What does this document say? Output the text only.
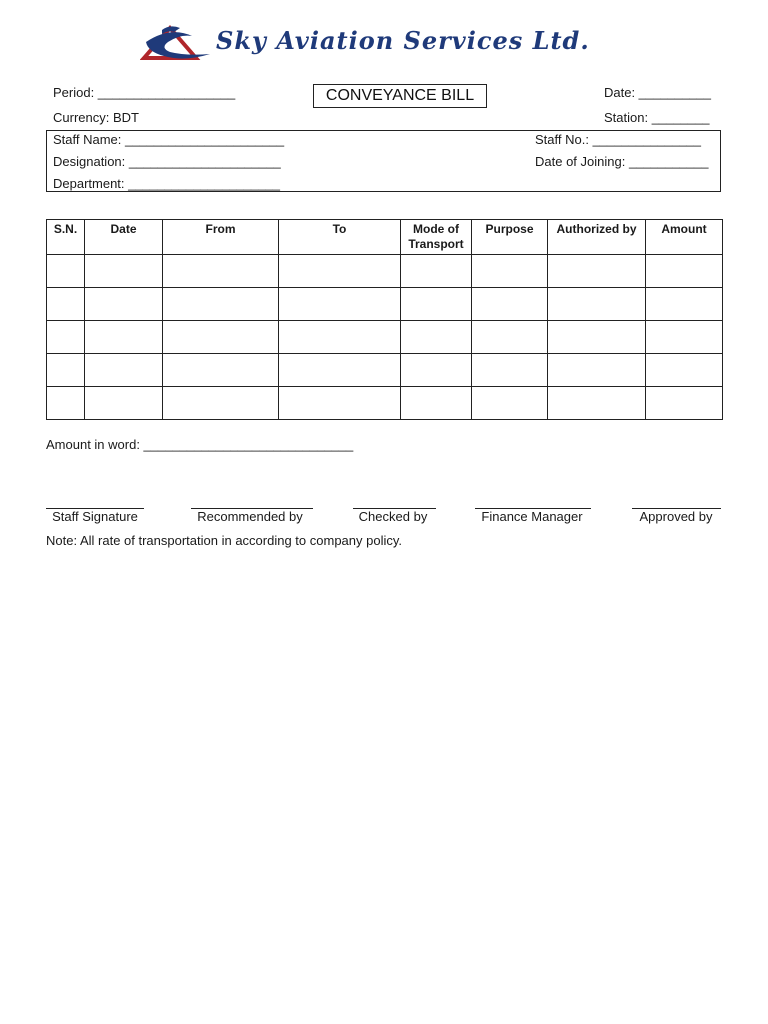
Sky Aviation Services Ltd.
Period: ___________________	CONVEYANCE BILL	Date: __________
Currency: BDT	Station: ________
Staff Name: ______________________	Staff No.: _______________
Designation: _____________________	Date of Joining: ___________
Department: _____________________
S.N.	Date	From	To	Mode of Transport	Purpose	Authorized by	Amount

Amount in word: _____________________________
Staff Signature	Recommended by	Checked by	Finance Manager	Approved by
Note: All rate of transportation in according to company policy.
